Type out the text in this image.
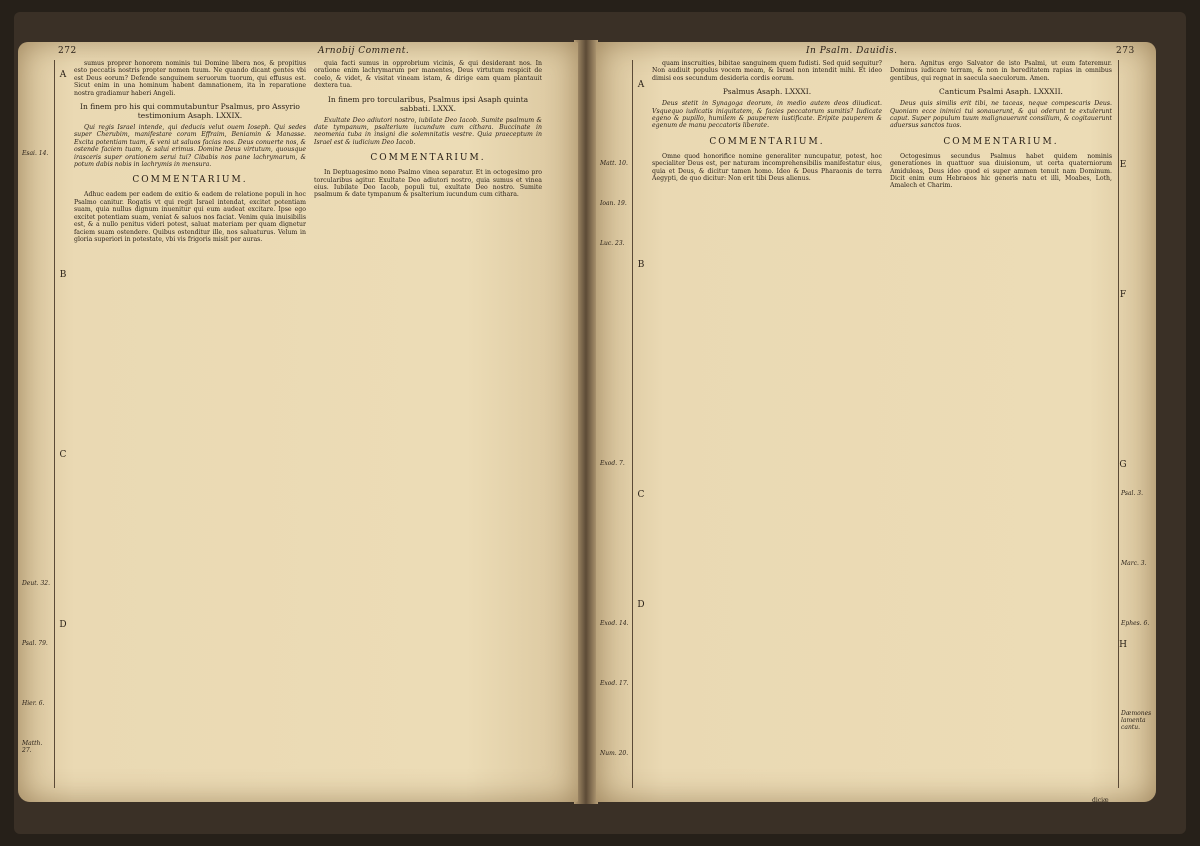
272	Arnobij Comment.
Esai. 14.
Deut. 32.
Psal. 79.
Hier. 6.
Matth. 27.
A
B
C
D

sumus proprer honorem nominis tui Domine libera nos, & propitius esto peccatis nostris propter nomen tuum. Ne quando dicant gentes vbi est Deus eorum? Defende sanguinem seruorum tuorum, qui effusus est. Sicut enim in una hominum habent damnationem, ita in reparatione nostra gradiamur haberi Angeli.

In finem pro his qui commutabuntur Psalmus, pro Assyrio testimonium Asaph. LXXIX.

Qui regis Israel intende, qui deducis velut ouem Ioseph. Qui sedes super Cherubim, manifestare coram Effraim, Beniamin & Manasse. Excita potentiam tuam, & veni ut saluos facias nos. Deus conuerte nos, & ostende faciem tuam, & salui erimus. Domine Deus virtutum, quousque irasceris super orationem serui tui? Cibabis nos pane lachrymarum, & potum dabis nobis in lachrymis in mensura.

COMMENTARIUM.

Adhuc eadem per eadem de exitio & eadem de relatione populi in hoc Psalmo canitur. Rogatis vt qui regit Israel intendat, excitet potentiam suam, quia nullus dignum inuenitur qui eum audeat excitare. Ipse ego excitet potentiam suam, veniat & saluos nos faciat. Venim quia inuisibilis est, & a nullo penitus videri potest, saluat materiam per quam dignetur faciem suam ostendere. Quibus ostenditur ille, nos saluaturus. Velum in gloria superiori in potestate, vbi vis frigoris misit per auras.

quia facti sumus in opprobrium vicinis, & qui desiderant nos. In oratione enim lachrymarum per manentes, Deus virtutum respicit de coelo, & videt, & visitat vineam istam, & dirige eam quam plantauit dextera tua.

In finem pro torcularibus, Psalmus ipsi Asaph quinta sabbati. LXXX.

Exultate Deo adiutori nostro, iubilate Deo Iacob. Sumite psalmum & date tympanum, psalterium iucundum cum cithara. Buccinate in neomenia tuba in insigni die solemnitatis vestre. Quia praeceptum in Israel est & iudicium Deo Iacob.

COMMENTARIUM.

In Deptuagesimo nono Psalmo vinea separatur. Et in octogesimo pro torcularibus agitur. Exultate Deo adiutori nostro, quia sumus et vinea eius. Iubilate Deo Iacob, populi tui, exultate Deo nostro. Sumite psalmum & date tympanum & psalterium iucundum cum cithara.

In Psalm. Dauidis.	273
Matt. 10.
Ioan. 19.
Luc. 23.
Exod. 7.
Exod. 14.
Exod. 17.
Num. 20.
A
B
C
D

quam inscruities, bibitae sanguinem quem fudisti. Sed quid sequitur? Non audiuit populus vocem meam, & Israel non intendit mihi. Et ideo dimisi eos secundum desideria cordis eorum.

Psalmus Asaph. LXXXI.

Deus stetit in Synagoga deorum, in medio autem deos diiudicat. Vsquequo iudicatis iniquitatem, & facies peccatorum sumitis? Iudicate egeno & pupillo, humilem & pauperem iustificate. Eripite pauperem & egenum de manu peccatoris liberate.

COMMENTARIUM.

Omne quod honorifice nomine generaliter nuncupatur, potest, hoc specialiter Deus est, per naturam incomprehensibilis manifestatur eius, quia et Deus, & dicitur tamen homo. Ideo & Deus Pharaonis de terra Aegypti, de quo dicitur: Non erit tibi Deus alienus.

hera. Agnitus ergo Salvator de isto Psalmi, ut eum fateremur. Dominus iudicare terram, & non in hereditatem rapias in omnibus gentibus, qui regnat in saecula saeculorum. Amen.

Canticum Psalmi Asaph. LXXXII.

Deus quis similis erit tibi, ne taceas, neque compescaris Deus. Quoniam ecce inimici tui sonauerunt, & qui oderunt te extulerunt caput. Super populum tuum malignauerunt consilium, & cogitauerunt aduersus sanctos tuos.

COMMENTARIUM.

Octogesimus secundus Psalmus habet quidem nominis generationes in quattuor sua diuisionum, ut certa quaterniorum Amiduleas, Deus ideo quod ei super ammen tenuit nam Dominum. Dicit enim eum Hebraeos hic generis natu et illi, Moabes, Loth, Amalech et Charim.

E
F
G
H
Psal. 3.
Marc. 3.
Ephes. 6.
Dæmones lamenta cantu.
diciæ
